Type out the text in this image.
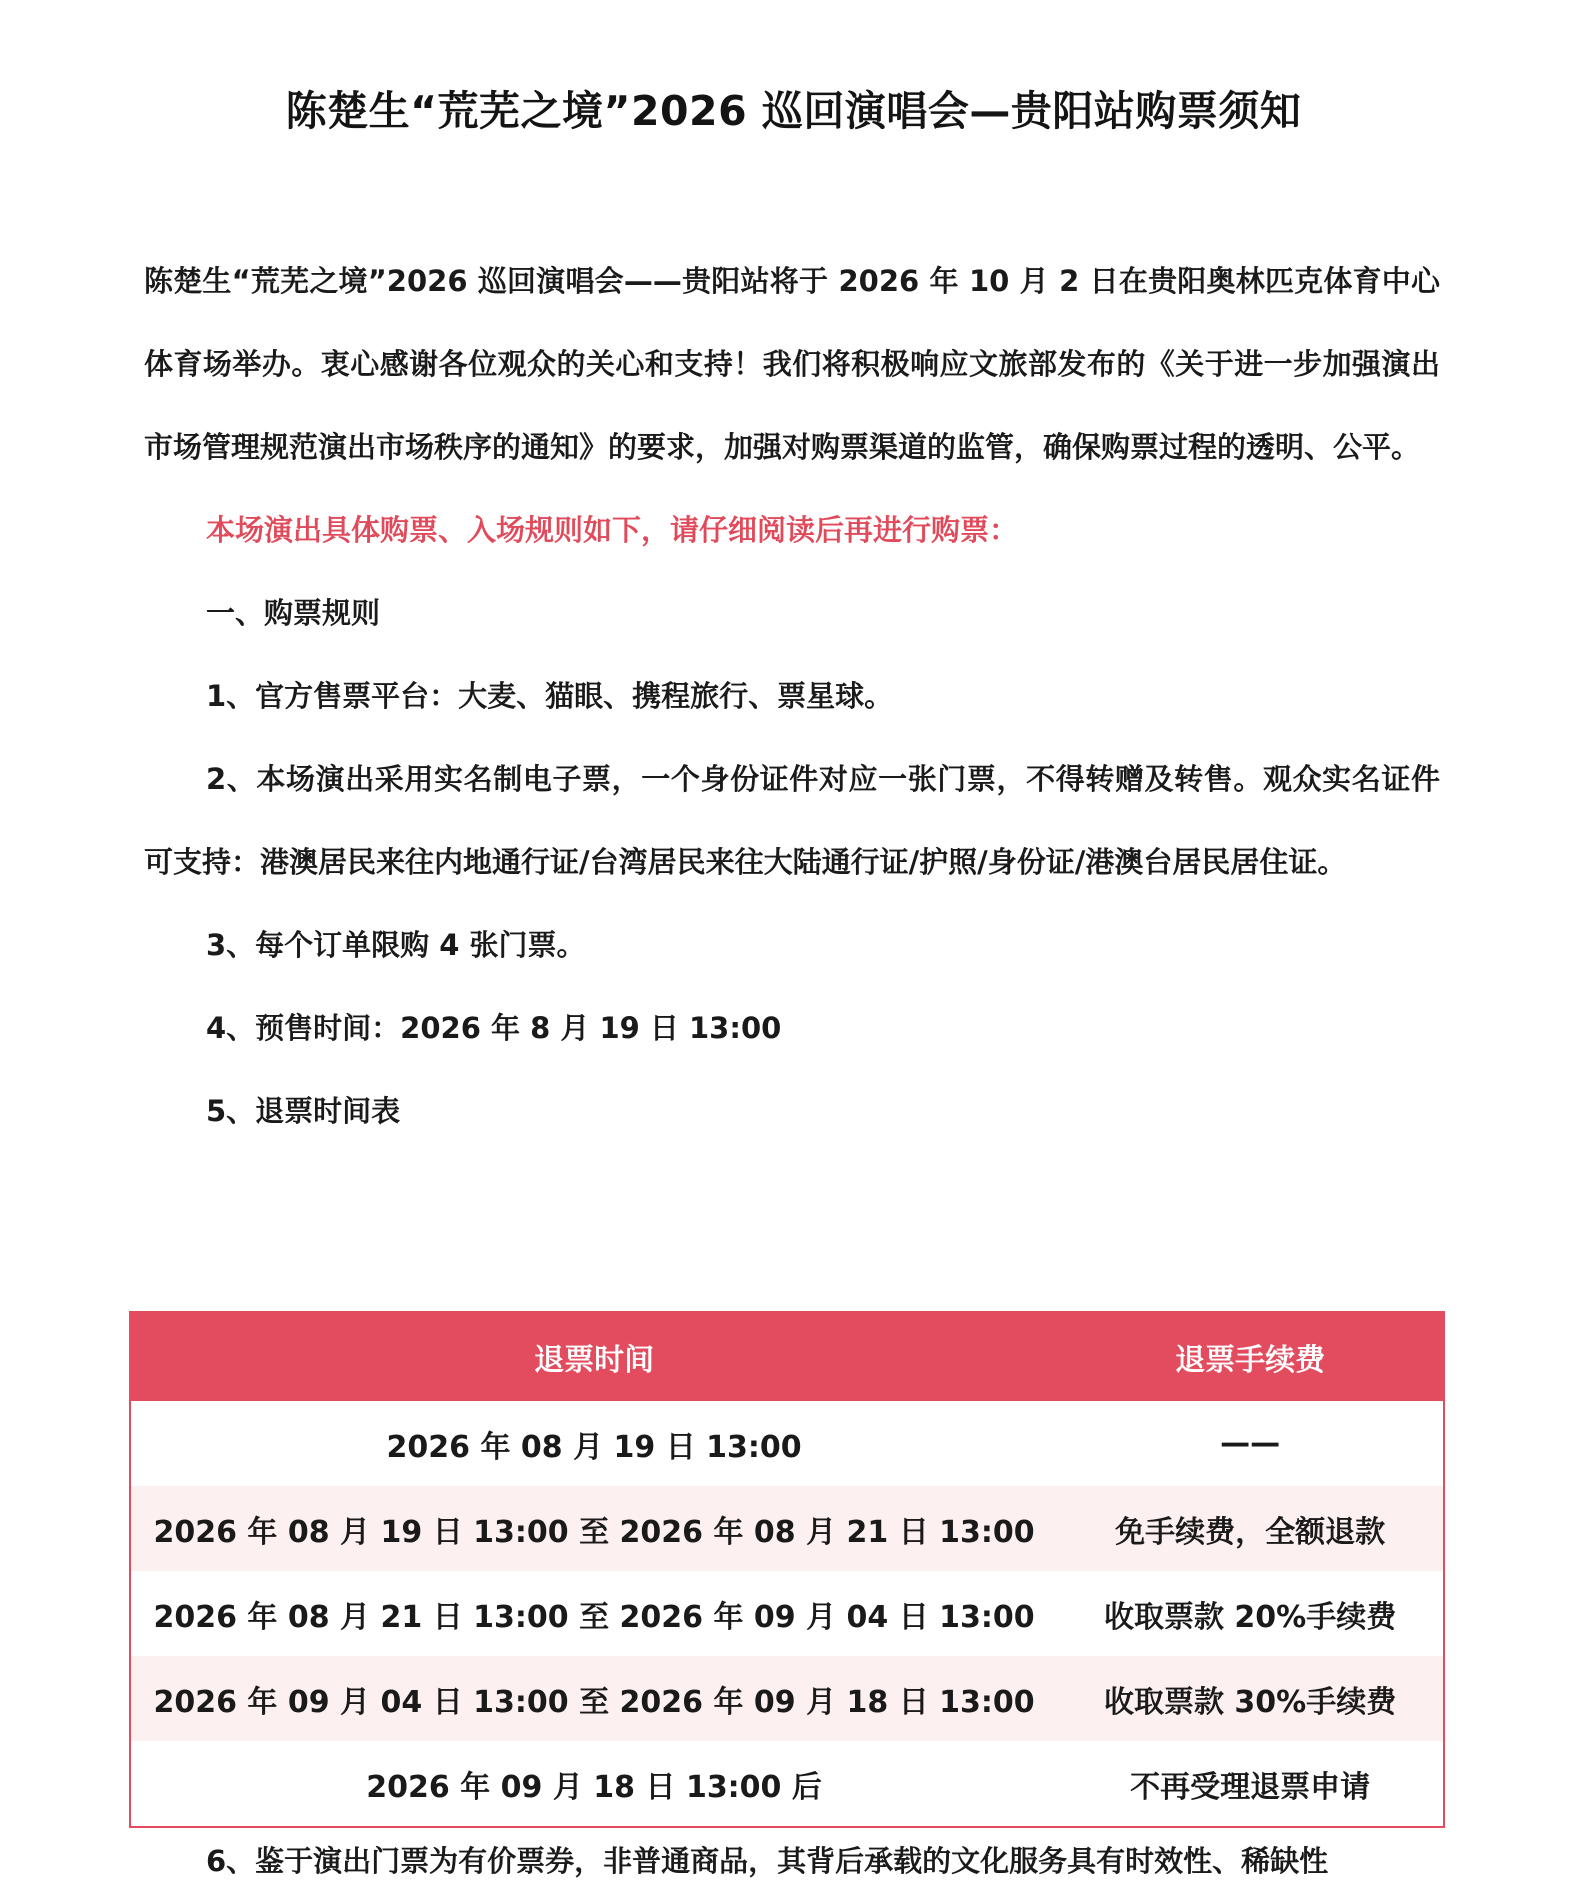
陈楚生“荒芜之境”2026 巡回演唱会—贵阳站购票须知

陈楚生“荒芜之境”2026 巡回演唱会——贵阳站将于 2026 年 10 月 2 日在贵阳奥林匹克体育中心体育场举办。衷心感谢各位观众的关心和支持！我们将积极响应文旅部发布的《关于进一步加强演出市场管理规范演出市场秩序的通知》的要求，加强对购票渠道的监管，确保购票过程的透明、公平。

本场演出具体购票、入场规则如下，请仔细阅读后再进行购票：

一、购票规则

1、官方售票平台：大麦、猫眼、携程旅行、票星球。

2、本场演出采用实名制电子票，一个身份证件对应一张门票，不得转赠及转售。观众实名证件可支持：港澳居民来往内地通行证/台湾居民来往大陆通行证/护照/身份证/港澳台居民居住证。

3、每个订单限购 4 张门票。

4、预售时间：2026 年 8 月 19 日 13:00

5、退票时间表

退票时间	退票手续费
2026 年 08 月 19 日 13:00	——
2026 年 08 月 19 日 13:00 至 2026 年 08 月 21 日 13:00	免手续费，全额退款
2026 年 08 月 21 日 13:00 至 2026 年 09 月 04 日 13:00	收取票款 20%手续费
2026 年 09 月 04 日 13:00 至 2026 年 09 月 18 日 13:00	收取票款 30%手续费
2026 年 09 月 18 日 13:00 后	不再受理退票申请

6、鉴于演出门票为有价票券，非普通商品，其背后承载的文化服务具有时效性、稀缺性
